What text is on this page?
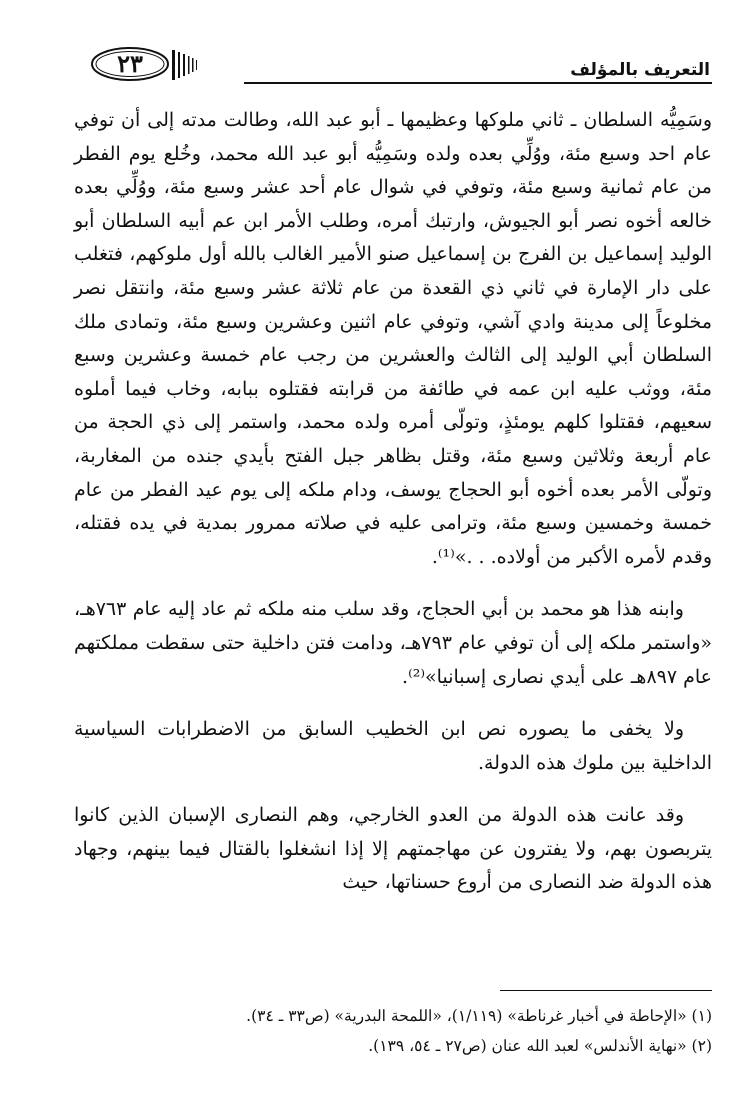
٢٣	التعريف بالمؤلف

وسَمِيُّه السلطان ـ ثاني ملوكها وعظيمها ـ أبو عبد الله، وطالت مدته إلى أن توفي عام احد وسبع مئة، ووُلِّي بعده ولده وسَمِيُّه أبو عبد الله محمد، وخُلع يوم الفطر من عام ثمانية وسبع مئة، وتوفي في شوال عام أحد عشر وسبع مئة، ووُلِّي بعده خالعه أخوه نصر أبو الجيوش، وارتبك أمره، وطلب الأمر ابن عم أبيه السلطان أبو الوليد إسماعيل بن الفرج بن إسماعيل صنو الأمير الغالب بالله أول ملوكهم، فتغلب على دار الإمارة في ثاني ذي القعدة من عام ثلاثة عشر وسبع مئة، وانتقل نصر مخلوعاً إلى مدينة وادي آشي، وتوفي عام اثنين وعشرين وسبع مئة، وتمادى ملك السلطان أبي الوليد إلى الثالث والعشرين من رجب عام خمسة وعشرين وسبع مئة، ووثب عليه ابن عمه في طائفة من قرابته فقتلوه ببابه، وخاب فيما أملوه سعيهم، فقتلوا كلهم يومئذٍ، وتولّى أمره ولده محمد، واستمر إلى ذي الحجة من عام أربعة وثلاثين وسبع مئة، وقتل بظاهر جبل الفتح بأيدي جنده من المغاربة، وتولّى الأمر بعده أخوه أبو الحجاج يوسف، ودام ملكه إلى يوم عيد الفطر من عام خمسة وخمسين وسبع مئة، وترامى عليه في صلاته ممرور بمدية في يده فقتله، وقدم لأمره الأكبر من أولاده. . .»⁽¹⁾.

وابنه هذا هو محمد بن أبي الحجاج، وقد سلب منه ملكه ثم عاد إليه عام ٧٦٣هـ، «واستمر ملكه إلى أن توفي عام ٧٩٣هـ، ودامت فتن داخلية حتى سقطت مملكتهم عام ٨٩٧هـ على أيدي نصارى إسبانيا»⁽²⁾.

ولا يخفى ما يصوره نص ابن الخطيب السابق من الاضطرابات السياسية الداخلية بين ملوك هذه الدولة.

وقد عانت هذه الدولة من العدو الخارجي، وهم النصارى الإسبان الذين كانوا يتربصون بهم، ولا يفترون عن مهاجمتهم إلا إذا انشغلوا بالقتال فيما بينهم، وجهاد هذه الدولة ضد النصارى من أروع حسناتها، حيث

(١) «الإحاطة في أخبار غرناطة» (١/١١٩)، «اللمحة البدرية» (ص٣٣ ـ ٣٤).
(٢) «نهاية الأندلس» لعبد الله عنان (ص٢٧ ـ ٥٤، ١٣٩).
